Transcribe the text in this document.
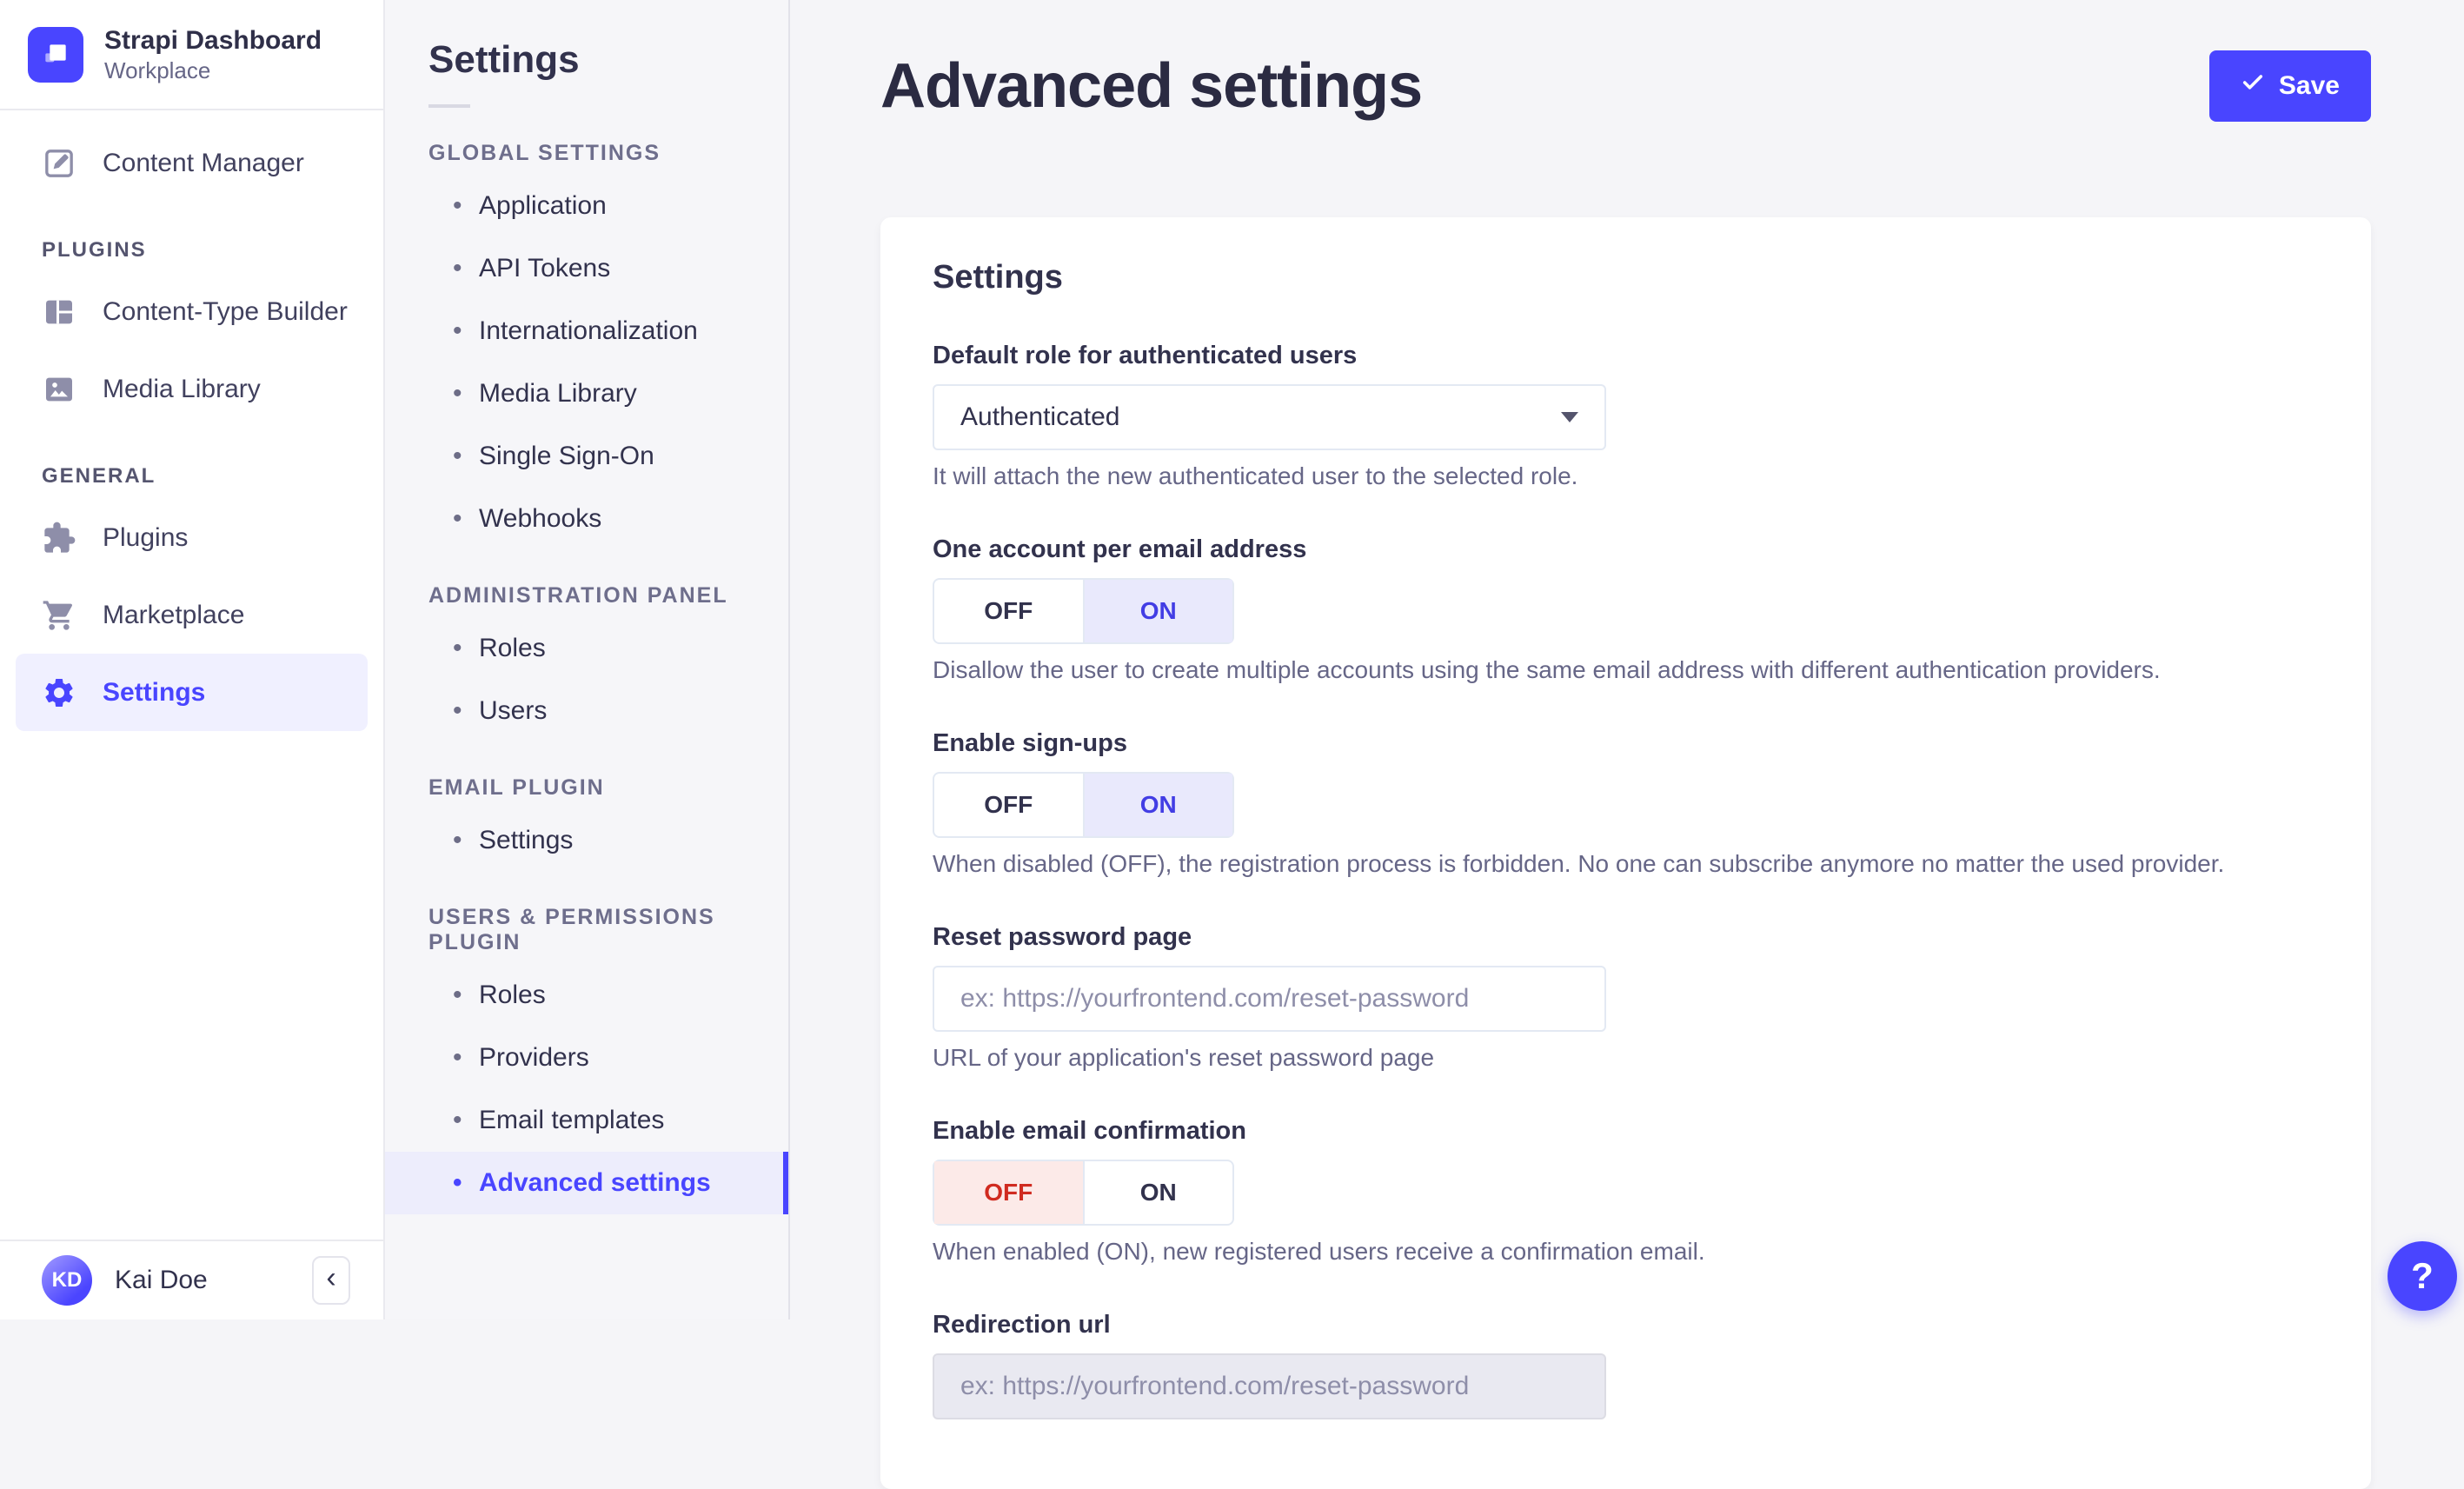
Strapi Dashboard
Workplace
Content Manager
PLUGINS
Content-Type Builder
Media Library
GENERAL
Plugins
Marketplace
Settings
KD	Kai Doe	‹
Settings
GLOBAL SETTINGS
• Application
• API Tokens
• Internationalization
• Media Library
• Single Sign-On
• Webhooks
ADMINISTRATION PANEL
• Roles
• Users
EMAIL PLUGIN
• Settings
USERS & PERMISSIONS PLUGIN
• Roles
• Providers
• Email templates
• Advanced settings
Advanced settings	Save
Settings
Default role for authenticated users
Authenticated
It will attach the new authenticated user to the selected role.
One account per email address
OFF	ON
Disallow the user to create multiple accounts using the same email address with different authentication providers.
Enable sign-ups
OFF	ON
When disabled (OFF), the registration process is forbidden. No one can subscribe anymore no matter the used provider.
Reset password page
ex: https://yourfrontend.com/reset-password
URL of your application's reset password page
Enable email confirmation
OFF	ON
When enabled (ON), new registered users receive a confirmation email.
Redirection url
ex: https://yourfrontend.com/reset-password
?
